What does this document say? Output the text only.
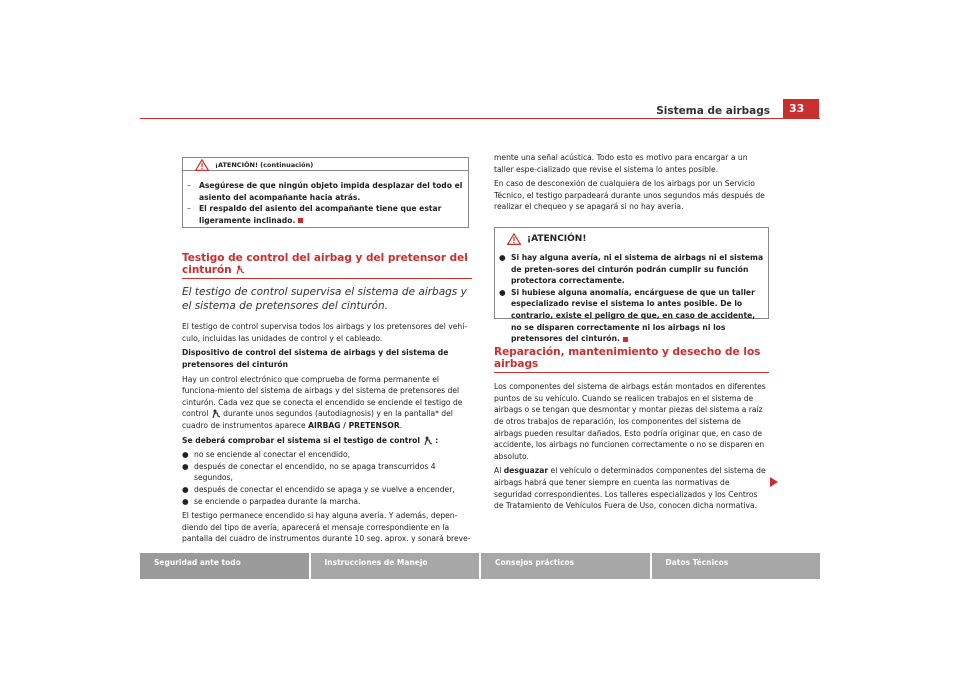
Sistema de airbags	33
¡ATENCIÓN! (continuación)
–	Asegúrese de que ningún objeto impida desplazar del todo el asiento del acompañante hacia atrás.
–	El respaldo del asiento del acompañante tiene que estar ligeramente inclinado.
Testigo de control del airbag y del pretensor del cinturón
El testigo de control supervisa el sistema de airbags y el sistema de pretensores del cinturón.

El testigo de control supervisa todos los airbags y los pretensores del vehí-culo, incluidas las unidades de control y el cableado.

Dispositivo de control del sistema de airbags y del sistema de pretensores del cinturón

Hay un control electrónico que comprueba de forma permanente el funciona-miento del sistema de airbags y del sistema de pretensores del cinturón. Cada vez que se conecta el encendido se enciende el testigo de control durante unos segundos (autodiagnosis) y en la pantalla* del cuadro de instrumentos aparece AIRBAG / PRETENSOR.

Se deberá comprobar el sistema si el testigo de control :

● no se enciende al conectar el encendido,
● después de conectar el encendido, no se apaga transcurridos 4 segundos,
● después de conectar el encendido se apaga y se vuelve a encender,
● se enciende o parpadea durante la marcha.

El testigo permanece encendido si hay alguna avería. Y además, depen-diendo del tipo de avería, aparecerá el mensaje correspondiente en la pantalla del cuadro de instrumentos durante 10 seg. aprox. y sonará breve-

mente una señal acústica. Todo esto es motivo para encargar a un taller espe-cializado que revise el sistema lo antes posible.

En caso de desconexión de cualquiera de los airbags por un Servicio Técnico, el testigo parpadeará durante unos segundos más después de realizar el chequeo y se apagará si no hay avería.

¡ATENCIÓN!
● Si hay alguna avería, ni el sistema de airbags ni el sistema de preten-sores del cinturón podrán cumplir su función protectora correctamente.
● Si hubiese alguna anomalía, encárguese de que un taller especializado revise el sistema lo antes posible. De lo contrario, existe el peligro de que, en caso de accidente, no se disparen correctamente ni los airbags ni los pretensores del cinturón.
Reparación, mantenimiento y desecho de los airbags

Los componentes del sistema de airbags están montados en diferentes puntos de su vehículo. Cuando se realicen trabajos en el sistema de airbags o se tengan que desmontar y montar piezas del sistema a raíz de otros trabajos de reparación, los componentes del sistema de airbags pueden resultar dañados. Esto podría originar que, en caso de accidente, los airbags no funcionen correctamente o no se disparen en absoluto.

Al desguazar el vehículo o determinados componentes del sistema de airbags habrá que tener siempre en cuenta las normativas de seguridad correspondientes. Los talleres especializados y los Centros de Tratamiento de Vehículos Fuera de Uso, conocen dicha normativa.

Seguridad ante todo	Instrucciones de Manejo	Consejos prácticos	Datos Técnicos
